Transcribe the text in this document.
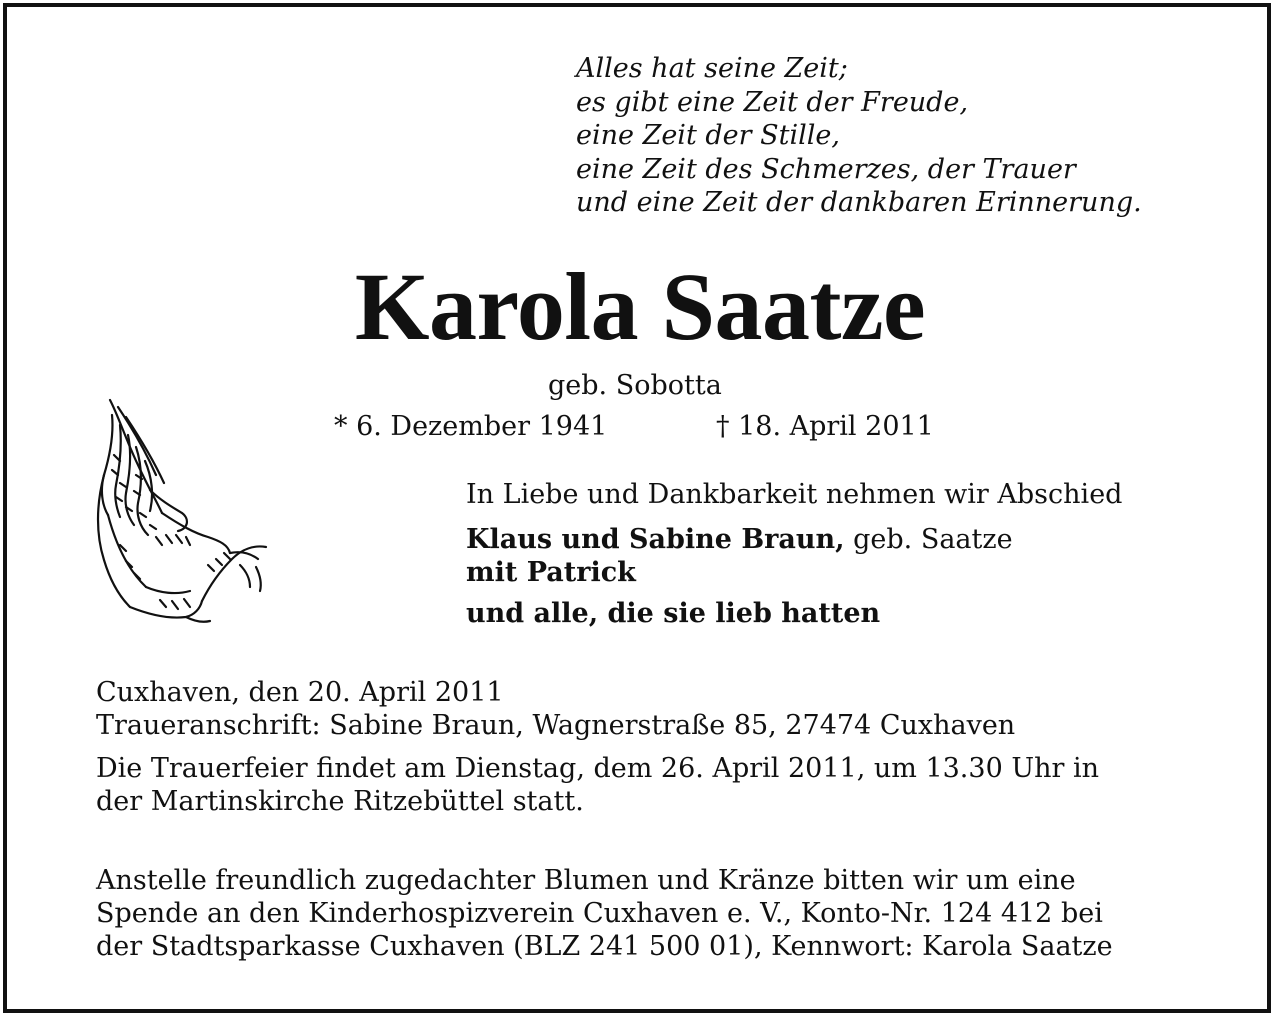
Alles hat seine Zeit;
es gibt eine Zeit der Freude,
eine Zeit der Stille,
eine Zeit des Schmerzes, der Trauer
und eine Zeit der dankbaren Erinnerung.
Karola Saatze
geb. Sobotta
* 6. Dezember 1941	† 18. April 2011
In Liebe und Dankbarkeit nehmen wir Abschied
Klaus und Sabine Braun, geb. Saatze
mit Patrick
und alle, die sie lieb hatten
Cuxhaven, den 20. April 2011
Traueranschrift: Sabine Braun, Wagnerstraße 85, 27474 Cuxhaven
Die Trauerfeier findet am Dienstag, dem 26. April 2011, um 13.30 Uhr in
der Martinskirche Ritzebüttel statt.
Anstelle freundlich zugedachter Blumen und Kränze bitten wir um eine
Spende an den Kinderhospizverein Cuxhaven e. V., Konto-Nr. 124 412 bei
der Stadtsparkasse Cuxhaven (BLZ 241 500 01), Kennwort: Karola Saatze
